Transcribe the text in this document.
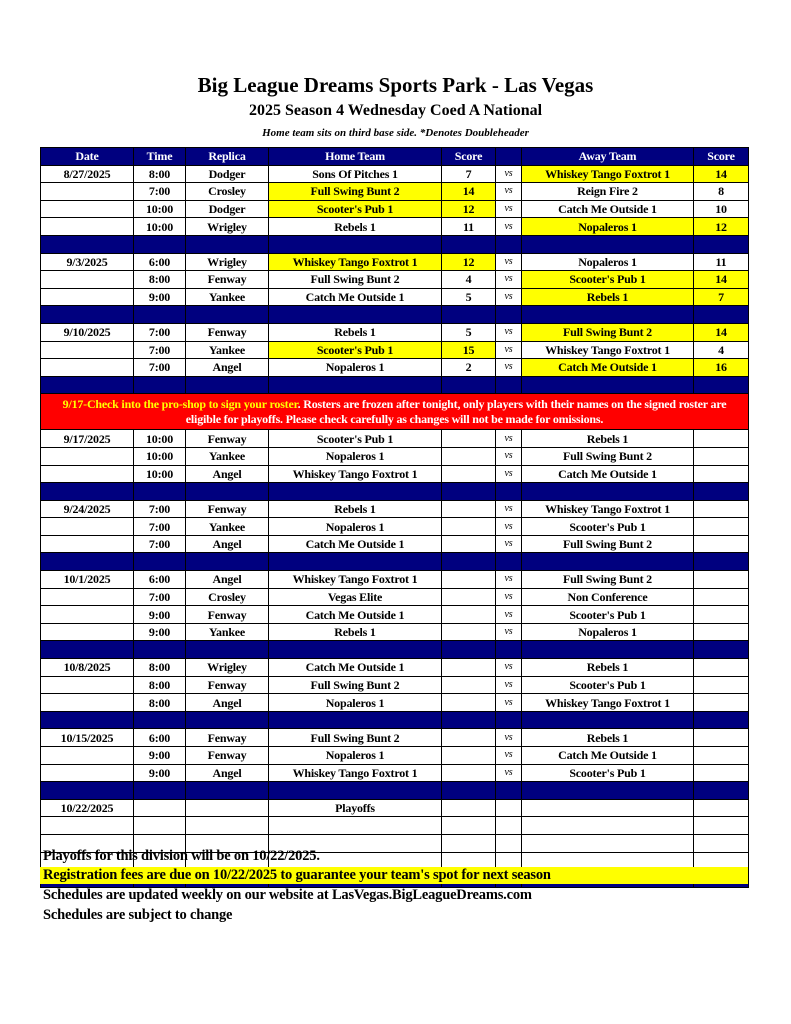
Big League Dreams Sports Park - Las Vegas
2025 Season 4 Wednesday Coed A National
Home team sits on third base side. *Denotes Doubleheader
Date	Time	Replica	Home Team	Score		Away Team	Score
8/27/2025	8:00	Dodger	Sons Of Pitches 1	7	vs	Whiskey Tango Foxtrot 1	14
	7:00	Crosley	Full Swing Bunt 2	14	vs	Reign Fire 2	8
	10:00	Dodger	Scooter's Pub 1	12	vs	Catch Me Outside 1	10
	10:00	Wrigley	Rebels 1	11	vs	Nopaleros 1	12

9/3/2025	6:00	Wrigley	Whiskey Tango Foxtrot 1	12	vs	Nopaleros 1	11
	8:00	Fenway	Full Swing Bunt 2	4	vs	Scooter's Pub 1	14
	9:00	Yankee	Catch Me Outside 1	5	vs	Rebels 1	7

9/10/2025	7:00	Fenway	Rebels 1	5	vs	Full Swing Bunt 2	14
	7:00	Yankee	Scooter's Pub 1	15	vs	Whiskey Tango Foxtrot 1	4
	7:00	Angel	Nopaleros 1	2	vs	Catch Me Outside 1	16

9/17-Check into the pro-shop to sign your roster. Rosters are frozen after tonight, only players with their names on the signed roster are eligible for playoffs. Please check carefully as changes will not be made for omissions.							
9/17/2025	10:00	Fenway	Scooter's Pub 1		vs	Rebels 1	
	10:00	Yankee	Nopaleros 1		vs	Full Swing Bunt 2	
	10:00	Angel	Whiskey Tango Foxtrot 1		vs	Catch Me Outside 1	

9/24/2025	7:00	Fenway	Rebels 1		vs	Whiskey Tango Foxtrot 1	
	7:00	Yankee	Nopaleros 1		vs	Scooter's Pub 1	
	7:00	Angel	Catch Me Outside 1		vs	Full Swing Bunt 2	

10/1/2025	6:00	Angel	Whiskey Tango Foxtrot 1		vs	Full Swing Bunt 2	
	7:00	Crosley	Vegas Elite		vs	Non Conference	
	9:00	Fenway	Catch Me Outside 1		vs	Scooter's Pub 1	
	9:00	Yankee	Rebels 1		vs	Nopaleros 1	

10/8/2025	8:00	Wrigley	Catch Me Outside 1		vs	Rebels 1	
	8:00	Fenway	Full Swing Bunt 2		vs	Scooter's Pub 1	
	8:00	Angel	Nopaleros 1		vs	Whiskey Tango Foxtrot 1	

10/15/2025	6:00	Fenway	Full Swing Bunt 2		vs	Rebels 1	
	9:00	Fenway	Nopaleros 1		vs	Catch Me Outside 1	
	9:00	Angel	Whiskey Tango Foxtrot 1		vs	Scooter's Pub 1	

10/22/2025			Playoffs				

Playoffs for this division will be on 10/22/2025.
Registration fees are due on 10/22/2025 to guarantee your team's spot for next season
Schedules are updated weekly on our website at LasVegas.BigLeagueDreams.com
Schedules are subject to change
